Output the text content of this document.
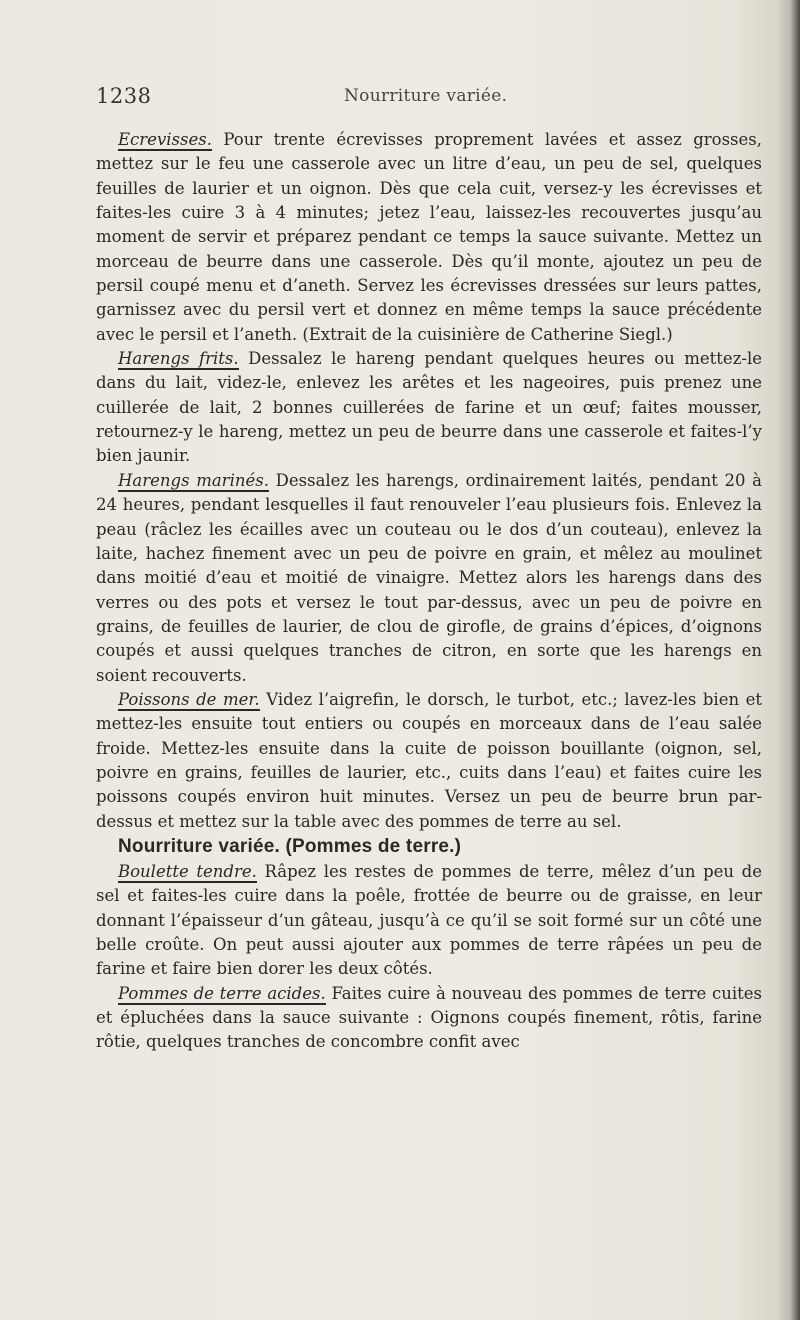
1238	Nourriture variée.

Ecrevisses. Pour trente écrevisses proprement lavées et assez grosses, mettez sur le feu une casserole avec un litre d’eau, un peu de sel, quelques feuilles de laurier et un oignon. Dès que cela cuit, versez-y les écrevisses et faites-les cuire 3 à 4 minutes; jetez l’eau, laissez-les recouvertes jusqu’au moment de servir et préparez pendant ce temps la sauce suivante. Mettez un morceau de beurre dans une casserole. Dès qu’il monte, ajoutez un peu de persil coupé menu et d’aneth. Servez les écrevisses dressées sur leurs pattes, garnissez avec du persil vert et donnez en même temps la sauce précédente avec le persil et l’aneth. (Extrait de la cuisinière de Catherine Siegl.)

Harengs frits. Dessalez le hareng pendant quelques heures ou mettez-le dans du lait, videz-le, enlevez les arêtes et les nageoires, puis prenez une cuillerée de lait, 2 bonnes cuillerées de farine et un œuf; faites mousser, retournez-y le hareng, mettez un peu de beurre dans une casserole et faites-l’y bien jaunir.

Harengs marinés. Dessalez les harengs, ordinairement laités, pendant 20 à 24 heures, pendant lesquelles il faut renouveler l’eau plusieurs fois. Enlevez la peau (râclez les écailles avec un couteau ou le dos d’un couteau), enlevez la laite, hachez finement avec un peu de poivre en grain, et mêlez au moulinet dans moitié d’eau et moitié de vinaigre. Mettez alors les harengs dans des verres ou des pots et versez le tout par-dessus, avec un peu de poivre en grains, de feuilles de laurier, de clou de girofle, de grains d’épices, d’oignons coupés et aussi quelques tranches de citron, en sorte que les harengs en soient recouverts.

Poissons de mer. Videz l’aigrefin, le dorsch, le turbot, etc.; lavez-les bien et mettez-les ensuite tout entiers ou coupés en morceaux dans de l’eau salée froide. Mettez-les ensuite dans la cuite de poisson bouillante (oignon, sel, poivre en grains, feuilles de laurier, etc., cuits dans l’eau) et faites cuire les poissons coupés environ huit minutes. Versez un peu de beurre brun par-dessus et mettez sur la table avec des pommes de terre au sel.

Nourriture variée. (Pommes de terre.)

Boulette tendre. Râpez les restes de pommes de terre, mêlez d’un peu de sel et faites-les cuire dans la poêle, frottée de beurre ou de graisse, en leur donnant l’épaisseur d’un gâteau, jusqu’à ce qu’il se soit formé sur un côté une belle croûte. On peut aussi ajouter aux pommes de terre râpées un peu de farine et faire bien dorer les deux côtés.

Pommes de terre acides. Faites cuire à nouveau des pommes de terre cuites et épluchées dans la sauce suivante : Oignons coupés finement, rôtis, farine rôtie, quelques tranches de concombre confit avec
